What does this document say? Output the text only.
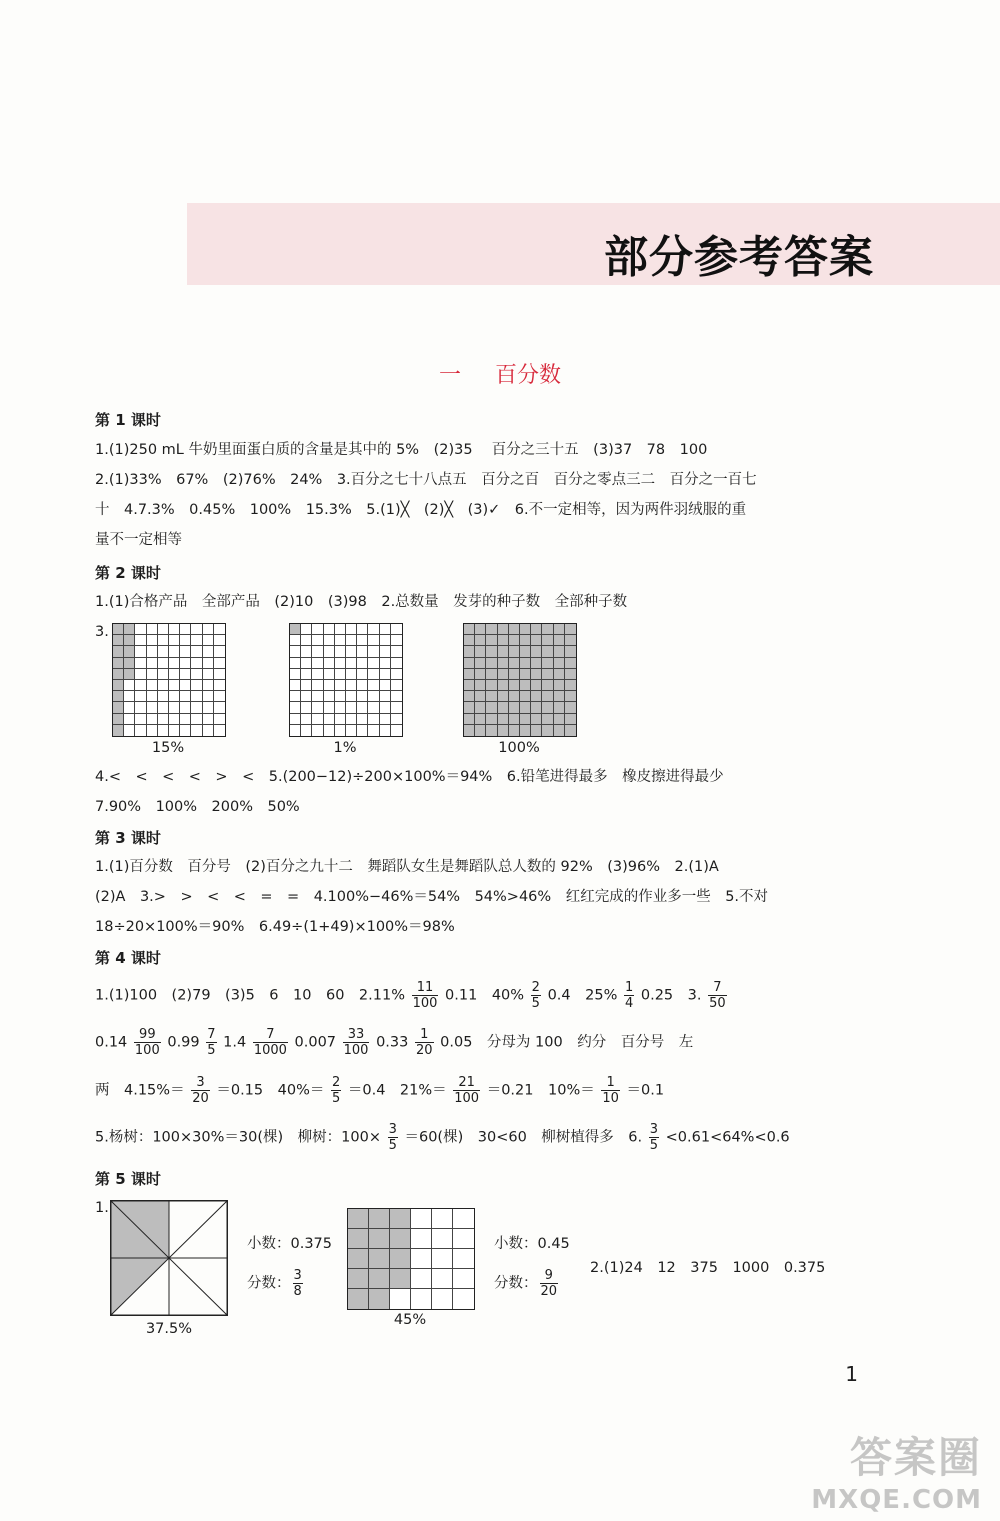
部分参考答案
一 百分数
第 1 课时
1.(1)250 mL 牛奶里面蛋白质的含量是其中的 5%　(2)35　 百分之三十五　(3)37　78　100
2.(1)33%　67%　(2)76%　24%　3.百分之七十八点五　百分之百　百分之零点三二　百分之一百七
十　4.7.3%　0.45%　100%　15.3%　5.(1)╳　(2)╳　(3)✓　6.不一定相等，因为两件羽绒服的重
量不一定相等
第 2 课时
1.(1)合格产品　全部产品　(2)10　(3)98　2.总数量　发芽的种子数　全部种子数
3.
15%	1%	100%
4.<　<　<　<　>　<　5.(200−12)÷200×100%＝94%　6.铅笔进得最多　橡皮擦进得最少
7.90%　100%　200%　50%
第 3 课时
1.(1)百分数　百分号　(2)百分之九十二　舞蹈队女生是舞蹈队总人数的 92%　(3)96%　2.(1)A
(2)A　3.>　>　<　<　=　=　4.100%−46%＝54%　54%>46%　红红完成的作业多一些　5.不对
18÷20×100%＝90%　6.49÷(1+49)×100%＝98%
第 4 课时
1.(1)100　(2)79　(3)5　6　10　60　$2.11\% \frac{11}{100} 0.11$　$40\% \frac{2}{5} 0.4$　$25\% \frac{1}{4} 0.25$　3. $\frac{7}{50}$
$0.14 \frac{99}{100} 0.99 \frac{7}{5} 1.4 \frac{7}{1000} 0.007 \frac{33}{100} 0.33 \frac{1}{20} 0.05$　分母为 100　约分　百分号　左
两　$4.15\%= \frac{3}{20} =0.15$　$40\%= \frac{2}{5} =0.4$　$21\%= \frac{21}{100} =0.21$　$10\%= \frac{1}{10} =0.1$
5.杨树：100×30%＝30(棵)　柳树：$100\times \frac{3}{5} =60$(棵)　30<60　柳树植得多　6. $\frac{3}{5}$ <0.61<64%<0.6̇
第 5 课时
1.
37.5%
小数：0.375
分数： $\frac{3}{8}$
45%
小数：0.45
分数： $\frac{9}{20} 2.(1)24$　12　375　1000　0.375
1
答案圈
MXQE.COM
